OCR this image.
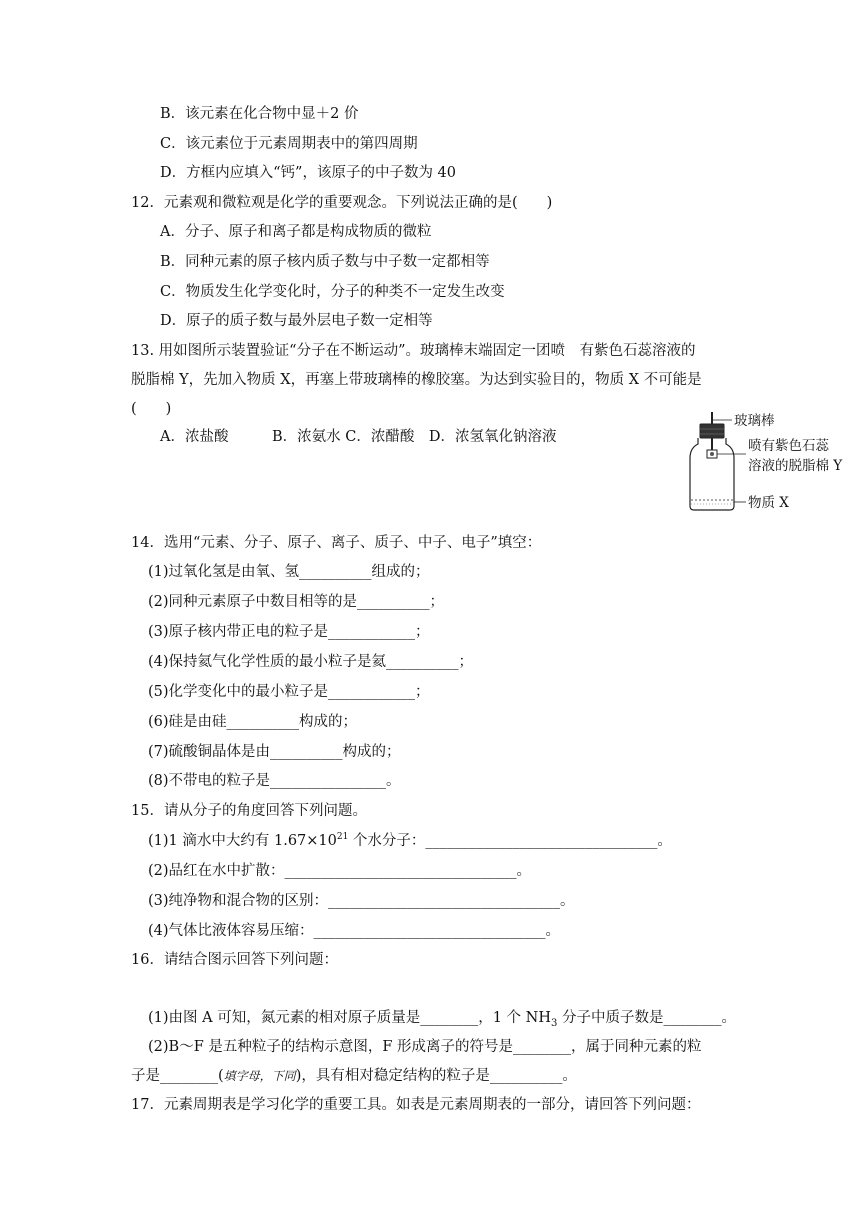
B．该元素在化合物中显＋2 价
C．该元素位于元素周期表中的第四周期
D．方框内应填入“钙”，该原子的中子数为 40
12．元素观和微粒观是化学的重要观念。下列说法正确的是(　　)
A．分子、原子和离子都是构成物质的微粒
B．同种元素的原子核内质子数与中子数一定都相等
C．物质发生化学变化时，分子的种类不一定发生改变
D．原子的质子数与最外层电子数一定相等
13. 用如图所示装置验证“分子在不断运动”。玻璃棒末端固定一团喷　有紫色石蕊溶液的
脱脂棉 Y，先加入物质 X，再塞上带玻璃棒的橡胶塞。为达到实验目的，物质 X 不可能是
(　　)
A．浓盐酸　　　B．浓氨水 C．浓醋酸　D．浓氢氧化钠溶液
玻璃棒
喷有紫色石蕊
溶液的脱脂棉 Y
物质 X
14．选用“元素、分子、原子、离子、质子、中子、电子”填空：
(1)过氧化氢是由氧、氢__________组成的；
(2)同种元素原子中数目相等的是__________；
(3)原子核内带正电的粒子是____________；
(4)保持氦气化学性质的最小粒子是氦__________；
(5)化学变化中的最小粒子是____________；
(6)硅是由硅__________构成的；
(7)硫酸铜晶体是由__________构成的；
(8)不带电的粒子是________________。
15．请从分子的角度回答下列问题。
(1)1 滴水中大约有 $1.67\times 10^{21}$ 个水分子：________________________________。
(2)品红在水中扩散：________________________________。
(3)纯净物和混合物的区别：________________________________。
(4)气体比液体容易压缩：________________________________。
16．请结合图示回答下列问题：
(1)由图 A 可知，氮元素的相对原子质量是________，1 个 $NH_3$ 分子中质子数是________。
(2)B～F 是五种粒子的结构示意图，F 形成离子的符号是________，属于同种元素的粒
子是________(填字母，下同)，具有相对稳定结构的粒子是__________。
17．元素周期表是学习化学的重要工具。如表是元素周期表的一部分，请回答下列问题：
